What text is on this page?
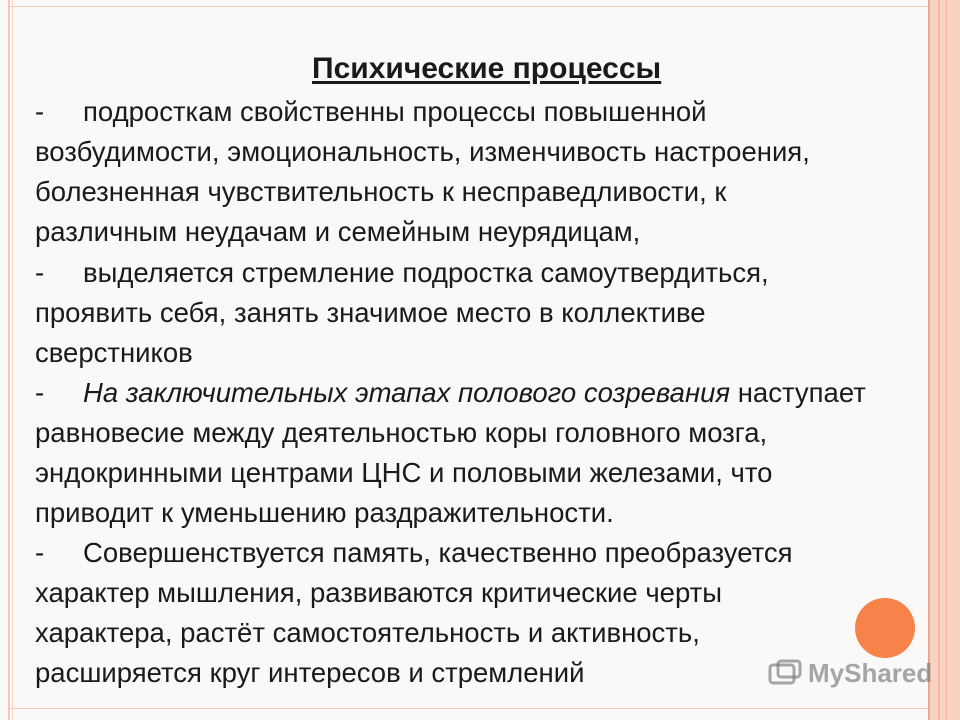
Психические процессы
- подросткам свойственны процессы повышенной
возбудимости, эмоциональность, изменчивость настроения,
болезненная чувствительность к несправедливости, к
различным неудачам и семейным неурядицам,
- выделяется стремление подростка самоутвердиться,
проявить себя, занять значимое место в коллективе
сверстников
- На заключительных этапах полового созревания наступает
равновесие между деятельностью коры головного мозга,
эндокринными центрами ЦНС и половыми железами, что
приводит к уменьшению раздражительности.
- Совершенствуется память, качественно преобразуется
характер мышления, развиваются критические черты
характера, растёт самостоятельность и активность,
расширяется круг интересов и стремлений	MyShared
